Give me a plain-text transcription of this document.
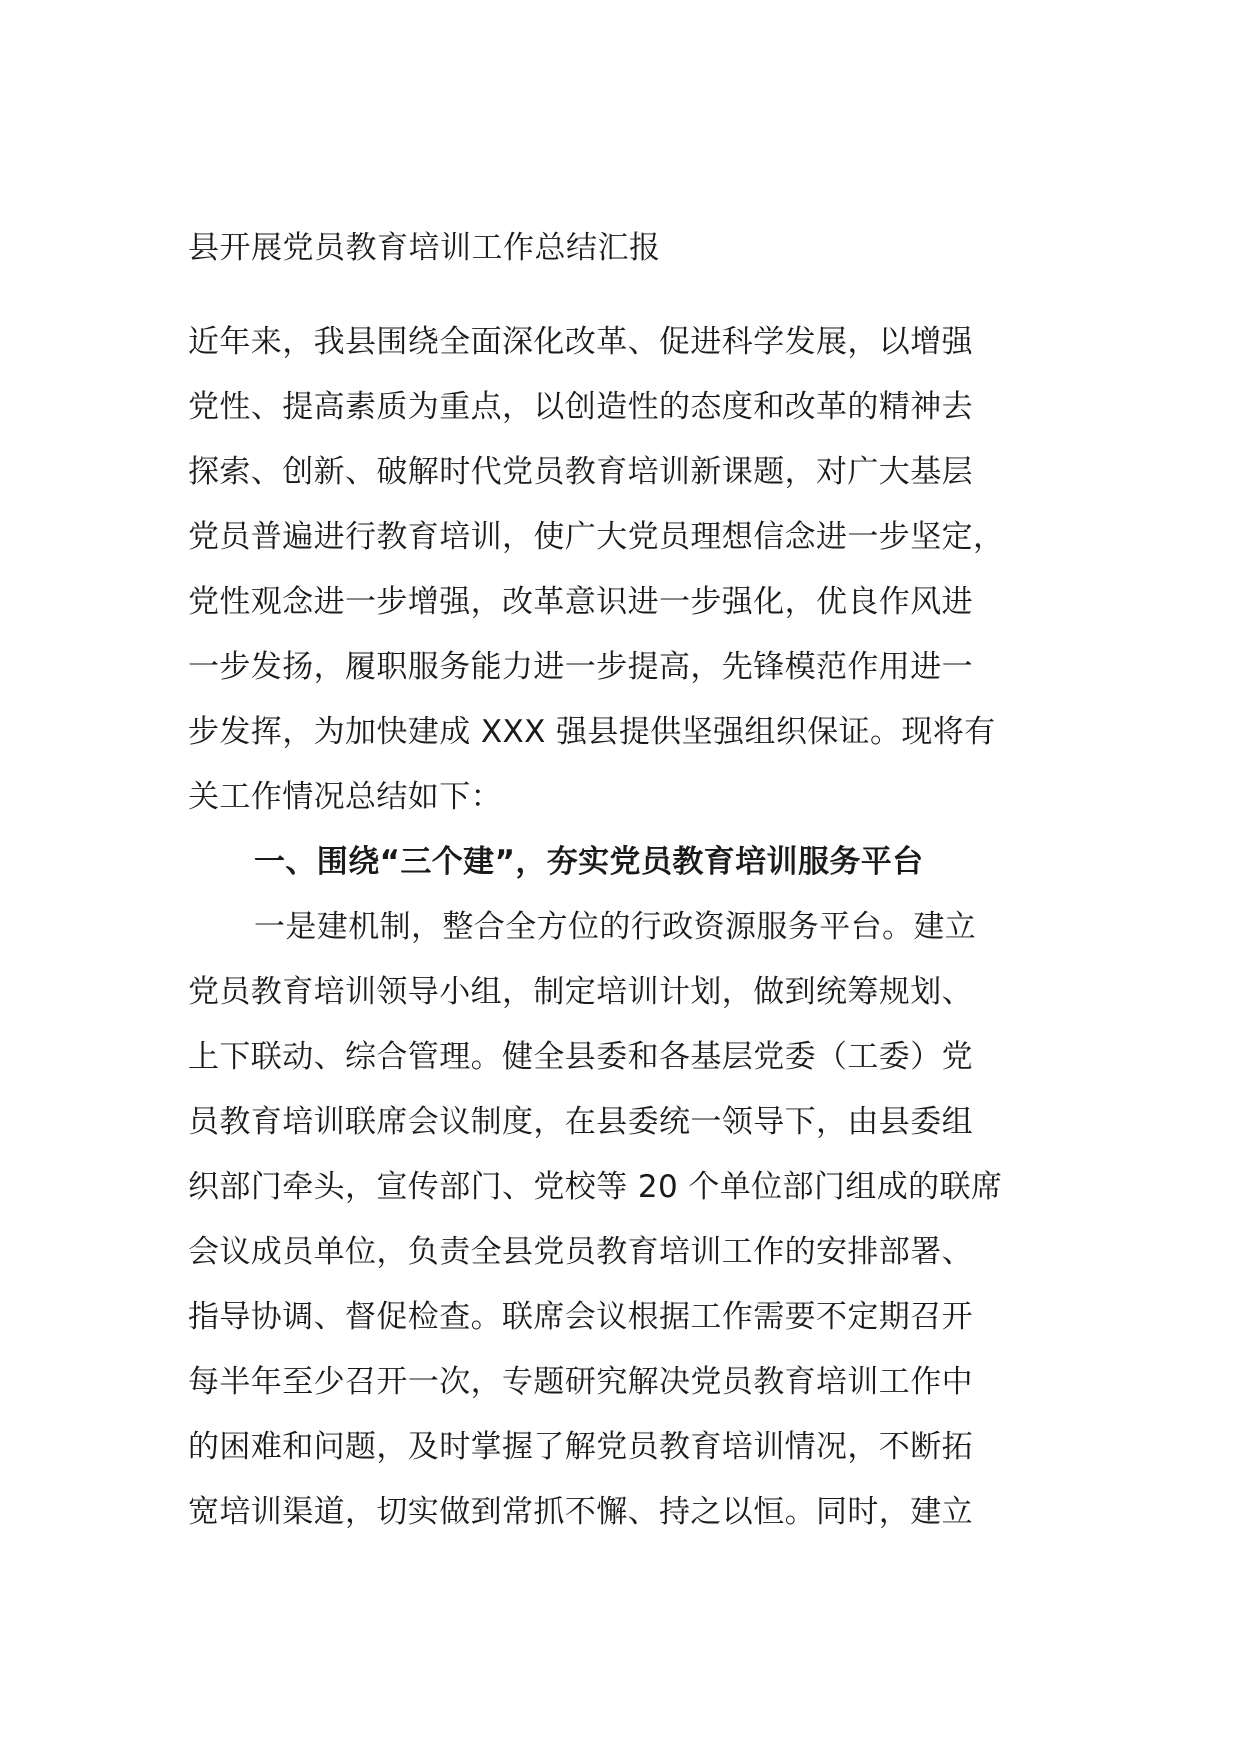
县开展党员教育培训工作总结汇报
近年来，我县围绕全面深化改革、促进科学发展，以增强
党性、提高素质为重点，以创造性的态度和改革的精神去
探索、创新、破解时代党员教育培训新课题，对广大基层
党员普遍进行教育培训，使广大党员理想信念进一步坚定，
党性观念进一步增强，改革意识进一步强化，优良作风进
一步发扬，履职服务能力进一步提高，先锋模范作用进一
步发挥，为加快建成 XXX 强县提供坚强组织保证。现将有
关工作情况总结如下：
一、围绕“三个建”，夯实党员教育培训服务平台
一是建机制，整合全方位的行政资源服务平台。建立
党员教育培训领导小组，制定培训计划，做到统筹规划、
上下联动、综合管理。健全县委和各基层党委（工委）党
员教育培训联席会议制度，在县委统一领导下，由县委组
织部门牵头，宣传部门、党校等 20 个单位部门组成的联席
会议成员单位，负责全县党员教育培训工作的安排部署、
指导协调、督促检查。联席会议根据工作需要不定期召开
每半年至少召开一次，专题研究解决党员教育培训工作中
的困难和问题，及时掌握了解党员教育培训情况，不断拓
宽培训渠道，切实做到常抓不懈、持之以恒。同时，建立
